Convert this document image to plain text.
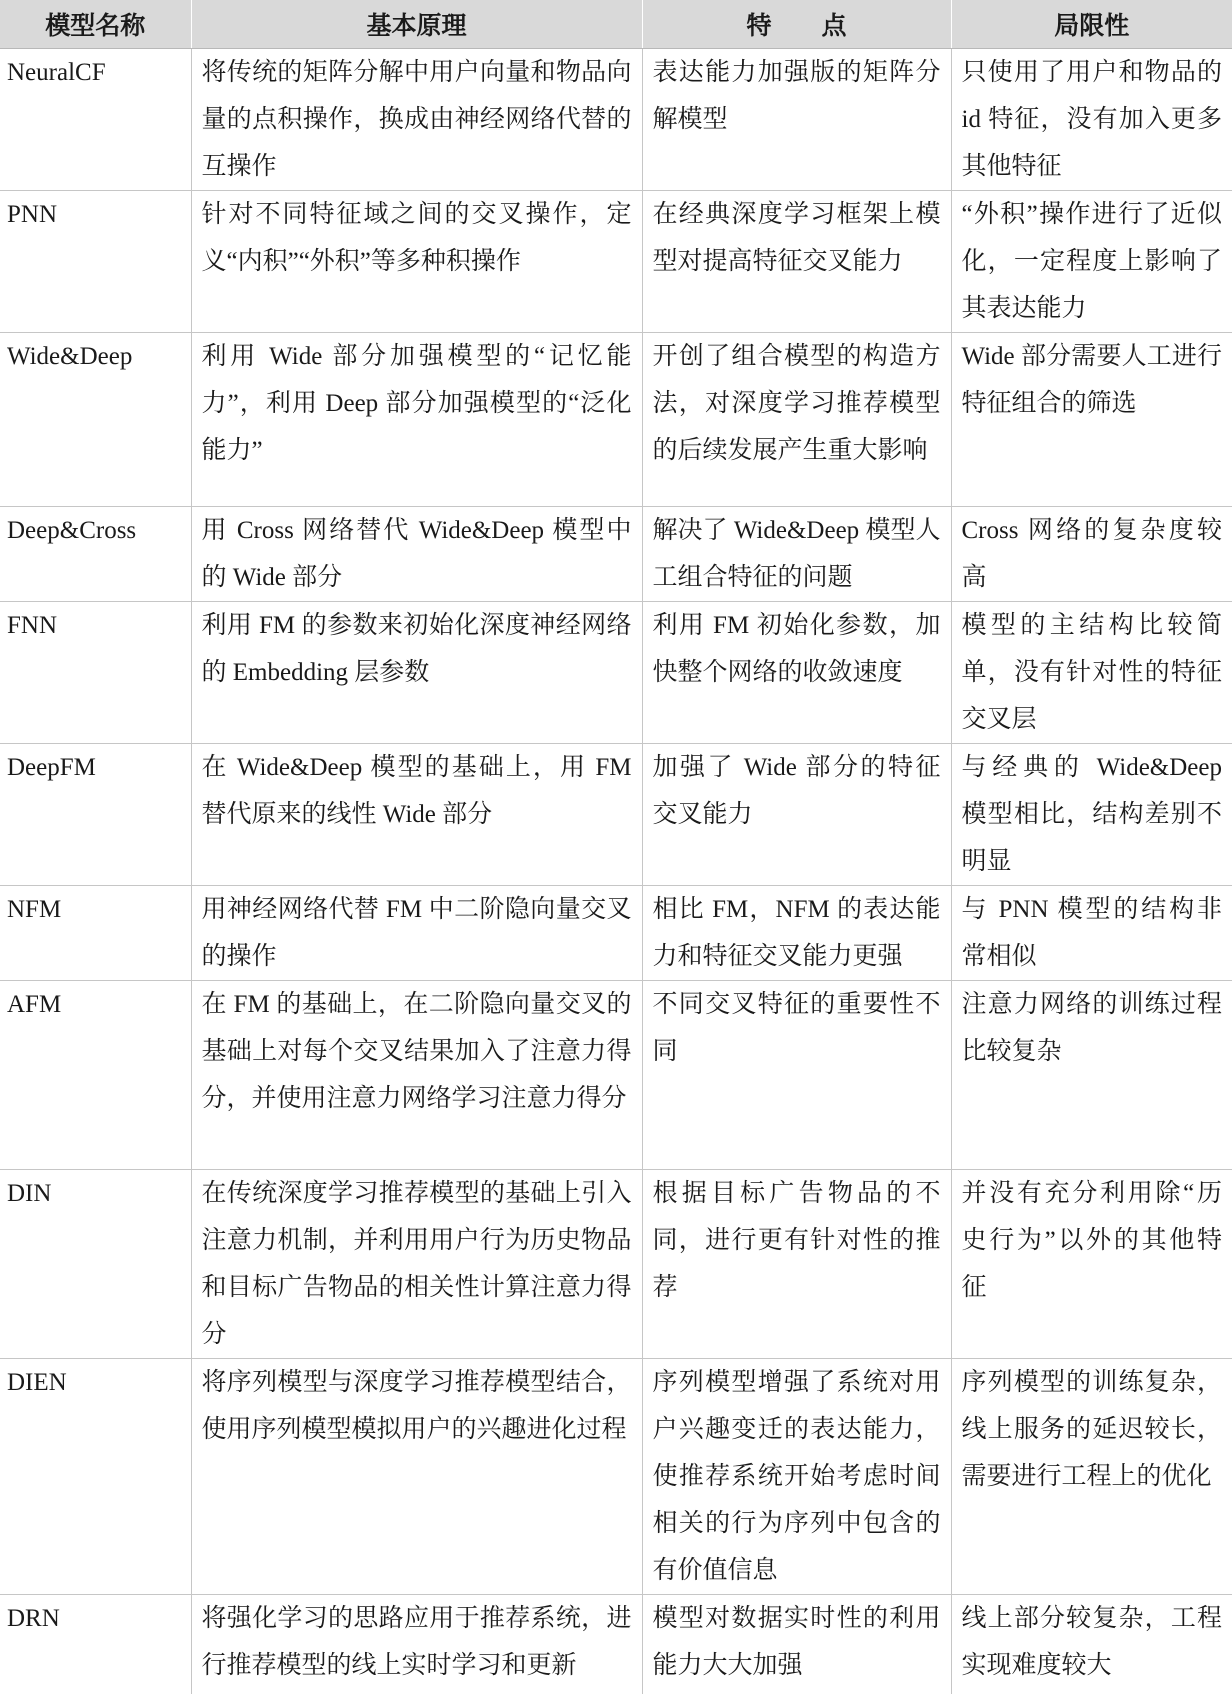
模型名称	基本原理	特　　点	局限性
NeuralCF	将传统的矩阵分解中用户向量和物品向量的点积操作，换成由神经网络代替的互操作	表达能力加强版的矩阵分解模型	只使用了用户和物品的 id 特征，没有加入更多其他特征
PNN	针对不同特征域之间的交叉操作，定义“内积”“外积”等多种积操作	在经典深度学习框架上模型对提高特征交叉能力	“外积”操作进行了近似化，一定程度上影响了其表达能力
Wide&Deep	利用 Wide 部分加强模型的“记忆能力”，利用 Deep 部分加强模型的“泛化能力”	开创了组合模型的构造方法，对深度学习推荐模型的后续发展产生重大影响	Wide 部分需要人工进行特征组合的筛选
Deep&Cross	用 Cross 网络替代 Wide&Deep 模型中的 Wide 部分	解决了 Wide&Deep 模型人工组合特征的问题	Cross 网络的复杂度较高
FNN	利用 FM 的参数来初始化深度神经网络的 Embedding 层参数	利用 FM 初始化参数，加快整个网络的收敛速度	模型的主结构比较简单，没有针对性的特征交叉层
DeepFM	在 Wide&Deep 模型的基础上，用 FM 替代原来的线性 Wide 部分	加强了 Wide 部分的特征交叉能力	与经典的 Wide&Deep 模型相比，结构差别不明显
NFM	用神经网络代替 FM 中二阶隐向量交叉的操作	相比 FM，NFM 的表达能力和特征交叉能力更强	与 PNN 模型的结构非常相似
AFM	在 FM 的基础上，在二阶隐向量交叉的基础上对每个交叉结果加入了注意力得分，并使用注意力网络学习注意力得分	不同交叉特征的重要性不同	注意力网络的训练过程比较复杂
DIN	在传统深度学习推荐模型的基础上引入注意力机制，并利用用户行为历史物品和目标广告物品的相关性计算注意力得分	根据目标广告物品的不同，进行更有针对性的推荐	并没有充分利用除“历史行为”以外的其他特征
DIEN	将序列模型与深度学习推荐模型结合，使用序列模型模拟用户的兴趣进化过程	序列模型增强了系统对用户兴趣变迁的表达能力，使推荐系统开始考虑时间相关的行为序列中包含的有价值信息	序列模型的训练复杂，线上服务的延迟较长，需要进行工程上的优化
DRN	将强化学习的思路应用于推荐系统，进行推荐模型的线上实时学习和更新	模型对数据实时性的利用能力大大加强	线上部分较复杂，工程实现难度较大
